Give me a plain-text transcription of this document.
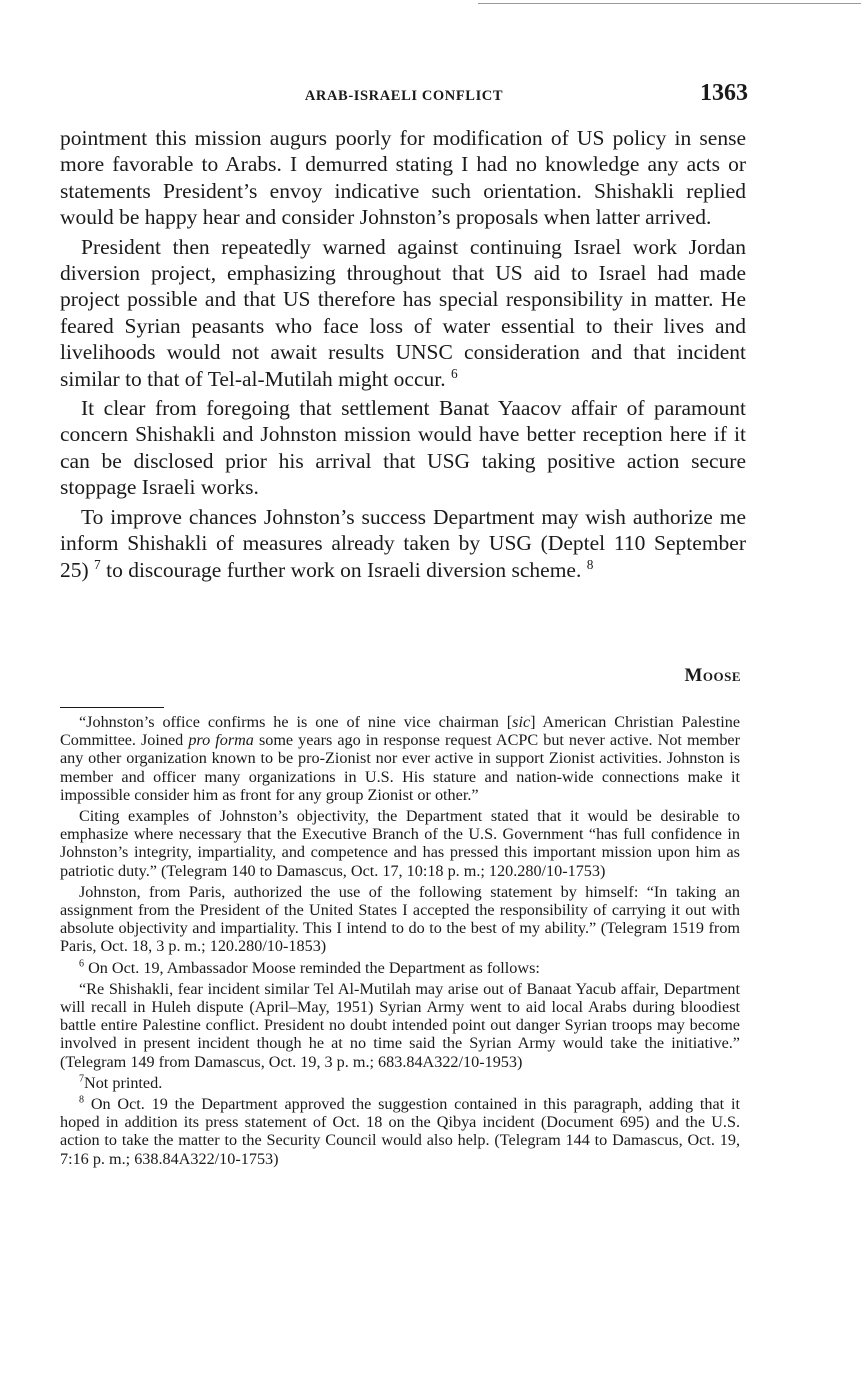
ARAB-ISRAELI CONFLICT	1363

pointment this mission augurs poorly for modification of US policy in sense more favorable to Arabs. I demurred stating I had no knowledge any acts or statements President’s envoy indicative such orientation. Shishakli replied would be happy hear and consider Johnston’s proposals when latter arrived.

President then repeatedly warned against continuing Israel work Jordan diversion project, emphasizing throughout that US aid to Israel had made project possible and that US therefore has special responsibility in matter. He feared Syrian peasants who face loss of water essential to their lives and livelihoods would not await results UNSC consideration and that incident similar to that of Tel-al-Mutilah might occur. $^6$

It clear from foregoing that settlement Banat Yaacov affair of paramount concern Shishakli and Johnston mission would have better reception here if it can be disclosed prior his arrival that USG taking positive action secure stoppage Israeli works.

To improve chances Johnston’s success Department may wish authorize me inform Shishakli of measures already taken by USG (Deptel 110 September 25) $^7$ to discourage further work on Israeli diversion scheme. $^8$

Moose

“Johnston’s office confirms he is one of nine vice chairman [sic] American Christian Palestine Committee. Joined pro forma some years ago in response request ACPC but never active. Not member any other organization known to be pro-Zionist nor ever active in support Zionist activities. Johnston is member and officer many organizations in U.S. His stature and nation-wide connections make it impossible consider him as front for any group Zionist or other.”

Citing examples of Johnston’s objectivity, the Department stated that it would be desirable to emphasize where necessary that the Executive Branch of the U.S. Government “has full confidence in Johnston’s integrity, impartiality, and competence and has pressed this important mission upon him as patriotic duty.” (Telegram 140 to Damascus, Oct. 17, 10:18 p. m.; 120.280/10-1753)

Johnston, from Paris, authorized the use of the following statement by himself: “In taking an assignment from the President of the United States I accepted the responsibility of carrying it out with absolute objectivity and impartiality. This I intend to do to the best of my ability.” (Telegram 1519 from Paris, Oct. 18, 3 p. m.; 120.280/10-1853)

$^6$ On Oct. 19, Ambassador Moose reminded the Department as follows:

“Re Shishakli, fear incident similar Tel Al-Mutilah may arise out of Banaat Yacub affair, Department will recall in Huleh dispute (April–May, 1951) Syrian Army went to aid local Arabs during bloodiest battle entire Palestine conflict. President no doubt intended point out danger Syrian troops may become involved in present incident though he at no time said the Syrian Army would take the initiative.” (Telegram 149 from Damascus, Oct. 19, 3 p. m.; 683.84A322/10-1953)

$^7$Not printed.

$^8$ On Oct. 19 the Department approved the suggestion contained in this paragraph, adding that it hoped in addition its press statement of Oct. 18 on the Qibya incident (Document 695) and the U.S. action to take the matter to the Security Council would also help. (Telegram 144 to Damascus, Oct. 19, 7:16 p. m.; 638.84A322/10-1753)
